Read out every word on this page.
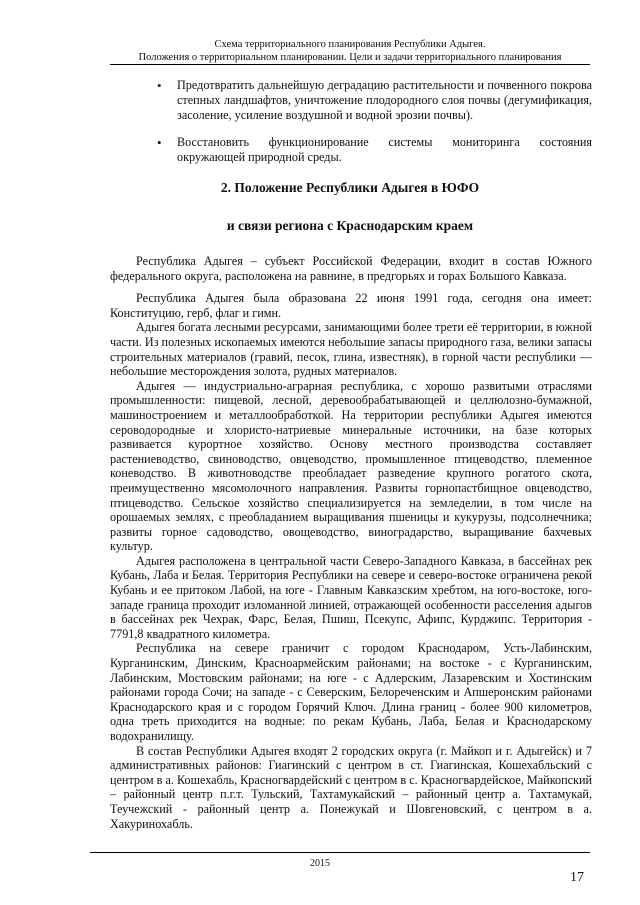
Схема территориального планирования Республики Адыгея.
Положения о территориальном планировании. Цели и задачи территориального планирования
• Предотвратить дальнейшую деградацию растительности и почвенного покрова степных ландшафтов, уничтожение плодородного слоя почвы (дегумификация, засоление, усиление воздушной и водной эрозии почвы).
• Восстановить функционирование системы мониторинга состояния окружающей природной среды.
2. Положение Республики Адыгея в ЮФО
и связи региона с Краснодарским краем

Республика Адыгея – субъект Российской Федерации, входит в состав Южного федерального округа, расположена на равнине, в предгорьях и горах Большого Кавказа.

Республика Адыгея была образована 22 июня 1991 года, сегодня она имеет: Конституцию, герб, флаг и гимн.

Адыгея богата лесными ресурсами, занимающими более трети её территории, в южной части. Из полезных ископаемых имеются небольшие запасы природного газа, велики запасы строительных материалов (гравий, песок, глина, известняк), в горной части республики — небольшие месторождения золота, рудных материалов.

Адыгея — индустриально-аграрная республика, с хорошо развитыми отраслями промышленности: пищевой, лесной, деревообрабатывающей и целлюлозно-бумажной, машиностроением и металлообработкой. На территории республики Адыгея имеются сероводородные и хлористо-натриевые минеральные источники, на базе которых развивается курортное хозяйство. Основу местного производства составляет растениеводство, свиноводство, овцеводство, промышленное птицеводство, племенное коневодство. В животноводстве преобладает разведение крупного рогатого скота, преимущественно мясомолочного направления. Развиты горнопастбищное овцеводство, птицеводство. Сельское хозяйство специализируется на земледелии, в том числе на орошаемых землях, с преобладанием выращивания пшеницы и кукурузы, подсолнечника; развиты горное садоводство, овощеводство, виноградарство, выращивание бахчевых культур.

Адыгея расположена в центральной части Северо-Западного Кавказа, в бассейнах рек Кубань, Лаба и Белая. Территория Республики на севере и северо-востоке ограничена рекой Кубань и ее притоком Лабой, на юге - Главным Кавказским хребтом, на юго-востоке, юго-западе граница проходит изломанной линией, отражающей особенности расселения адыгов в бассейнах рек Чехрак, Фарс, Белая, Пшиш, Псекупс, Афипс, Курджипс. Территория - 7791,8 квадратного километра.

Республика на севере граничит с городом Краснодаром, Усть-Лабинским, Курганинским, Динским, Красноармейским районами; на востоке - с Курганинским, Лабинским, Мостовским районами; на юге - с Адлерским, Лазаревским и Хостинским районами города Сочи; на западе - с Северским, Белореченским и Апшеронским районами Краснодарского края и с городом Горячий Ключ. Длина границ - более 900 километров, одна треть приходится на водные: по рекам Кубань, Лаба, Белая и Краснодарскому водохранилищу.

В состав Республики Адыгея входят 2 городских округа (г. Майкоп и г. Адыгейск) и 7 административных районов: Гиагинский с центром в ст. Гиагинская, Кошехабльский с центром в а. Кошехабль, Красногвардейский с центром в с. Красногвардейское, Майкопский – районный центр п.г.т. Тульский, Тахтамукайский – районный центр а. Тахтамукай, Теучежский - районный центр а. Понежукай и Шовгеновский, с центром в а. Хакуринохабль.

2015
17
